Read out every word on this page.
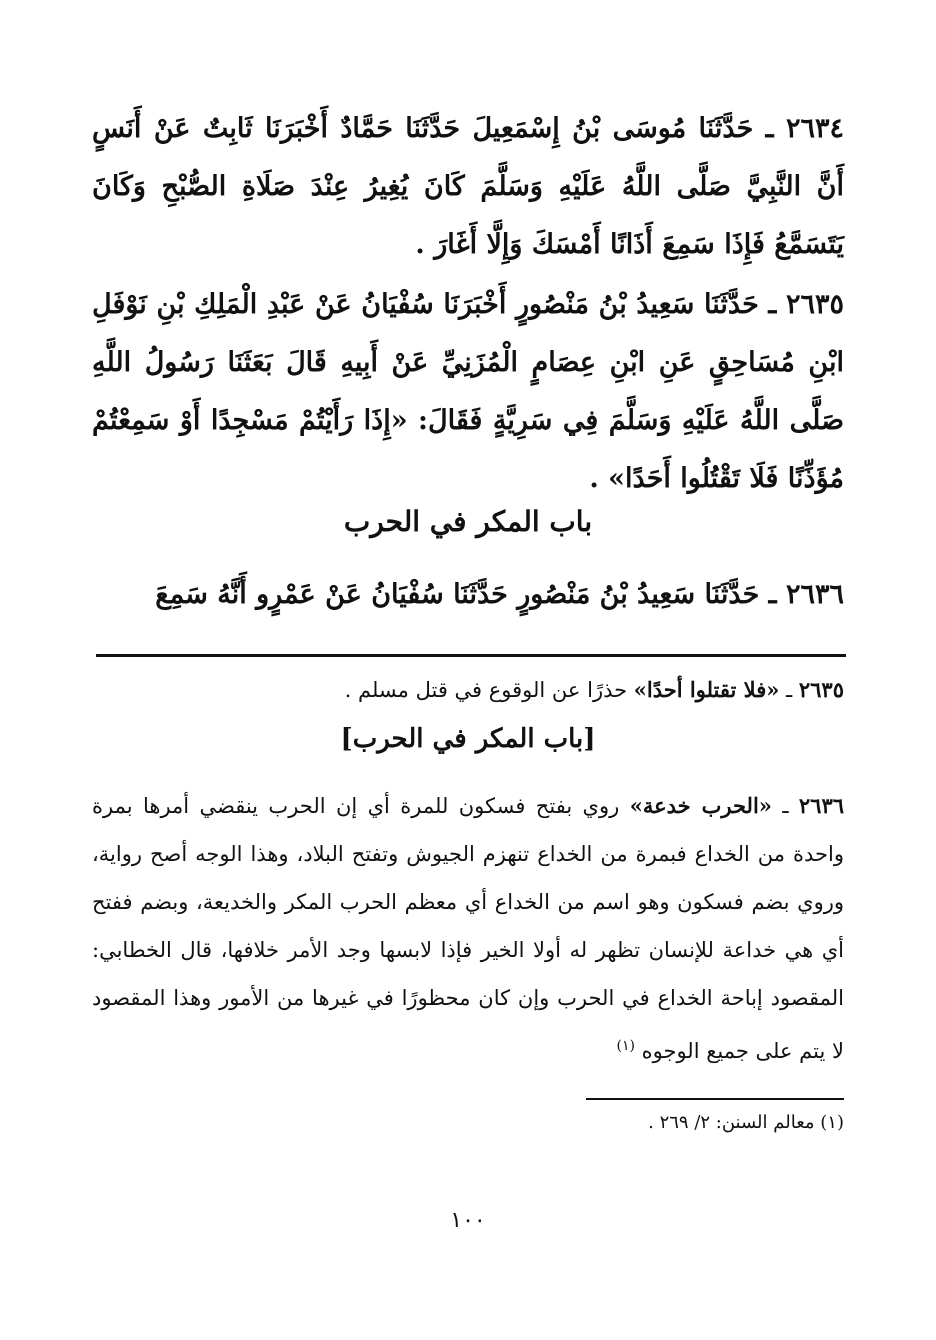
٢٦٣٤ ـ حَدَّثَنَا مُوسَى بْنُ إِسْمَعِيلَ حَدَّثَنَا حَمَّادٌ أَخْبَرَنَا ثَابِتٌ عَنْ أَنَسٍ أَنَّ النَّبِيَّ صَلَّى اللَّهُ عَلَيْهِ وَسَلَّمَ كَانَ يُغِيرُ عِنْدَ صَلَاةِ الصُّبْحِ وَكَانَ يَتَسَمَّعُ فَإِذَا سَمِعَ أَذَانًا أَمْسَكَ وَإِلَّا أَغَارَ .
٢٦٣٥ ـ حَدَّثَنَا سَعِيدُ بْنُ مَنْصُورٍ أَخْبَرَنَا سُفْيَانُ عَنْ عَبْدِ الْمَلِكِ بْنِ نَوْفَلِ ابْنِ مُسَاحِقٍ عَنِ ابْنِ عِصَامٍ الْمُزَنِيِّ عَنْ أَبِيهِ قَالَ بَعَثَنَا رَسُولُ اللَّهِ صَلَّى اللَّهُ عَلَيْهِ وَسَلَّمَ فِي سَرِيَّةٍ فَقَالَ: «إِذَا رَأَيْتُمْ مَسْجِدًا أَوْ سَمِعْتُمْ مُؤَذِّنًا فَلَا تَقْتُلُوا أَحَدًا» .
باب المكر في الحرب
٢٦٣٦ ـ حَدَّثَنَا سَعِيدُ بْنُ مَنْصُورٍ حَدَّثَنَا سُفْيَانُ عَنْ عَمْرٍو أَنَّهُ سَمِعَ
٢٦٣٥ ـ «فلا تقتلوا أحدًا» حذرًا عن الوقوع في قتل مسلم .
[باب المكر في الحرب]
٢٦٣٦ ـ «الحرب خدعة» روي بفتح فسكون للمرة أي إن الحرب ينقضي أمرها بمرة واحدة من الخداع فبمرة من الخداع تنهزم الجيوش وتفتح البلاد، وهذا الوجه أصح رواية، وروي بضم فسكون وهو اسم من الخداع أي معظم الحرب المكر والخديعة، وبضم ففتح أي هي خداعة للإنسان تظهر له أولا الخير فإذا لابسها وجد الأمر خلافها، قال الخطابي: المقصود إباحة الخداع في الحرب وإن كان محظورًا في غيرها من الأمور وهذا المقصود لا يتم على جميع الوجوه $^{(١)}$
(١) معالم السنن: ٢/ ٢٦٩ .
١٠٠
